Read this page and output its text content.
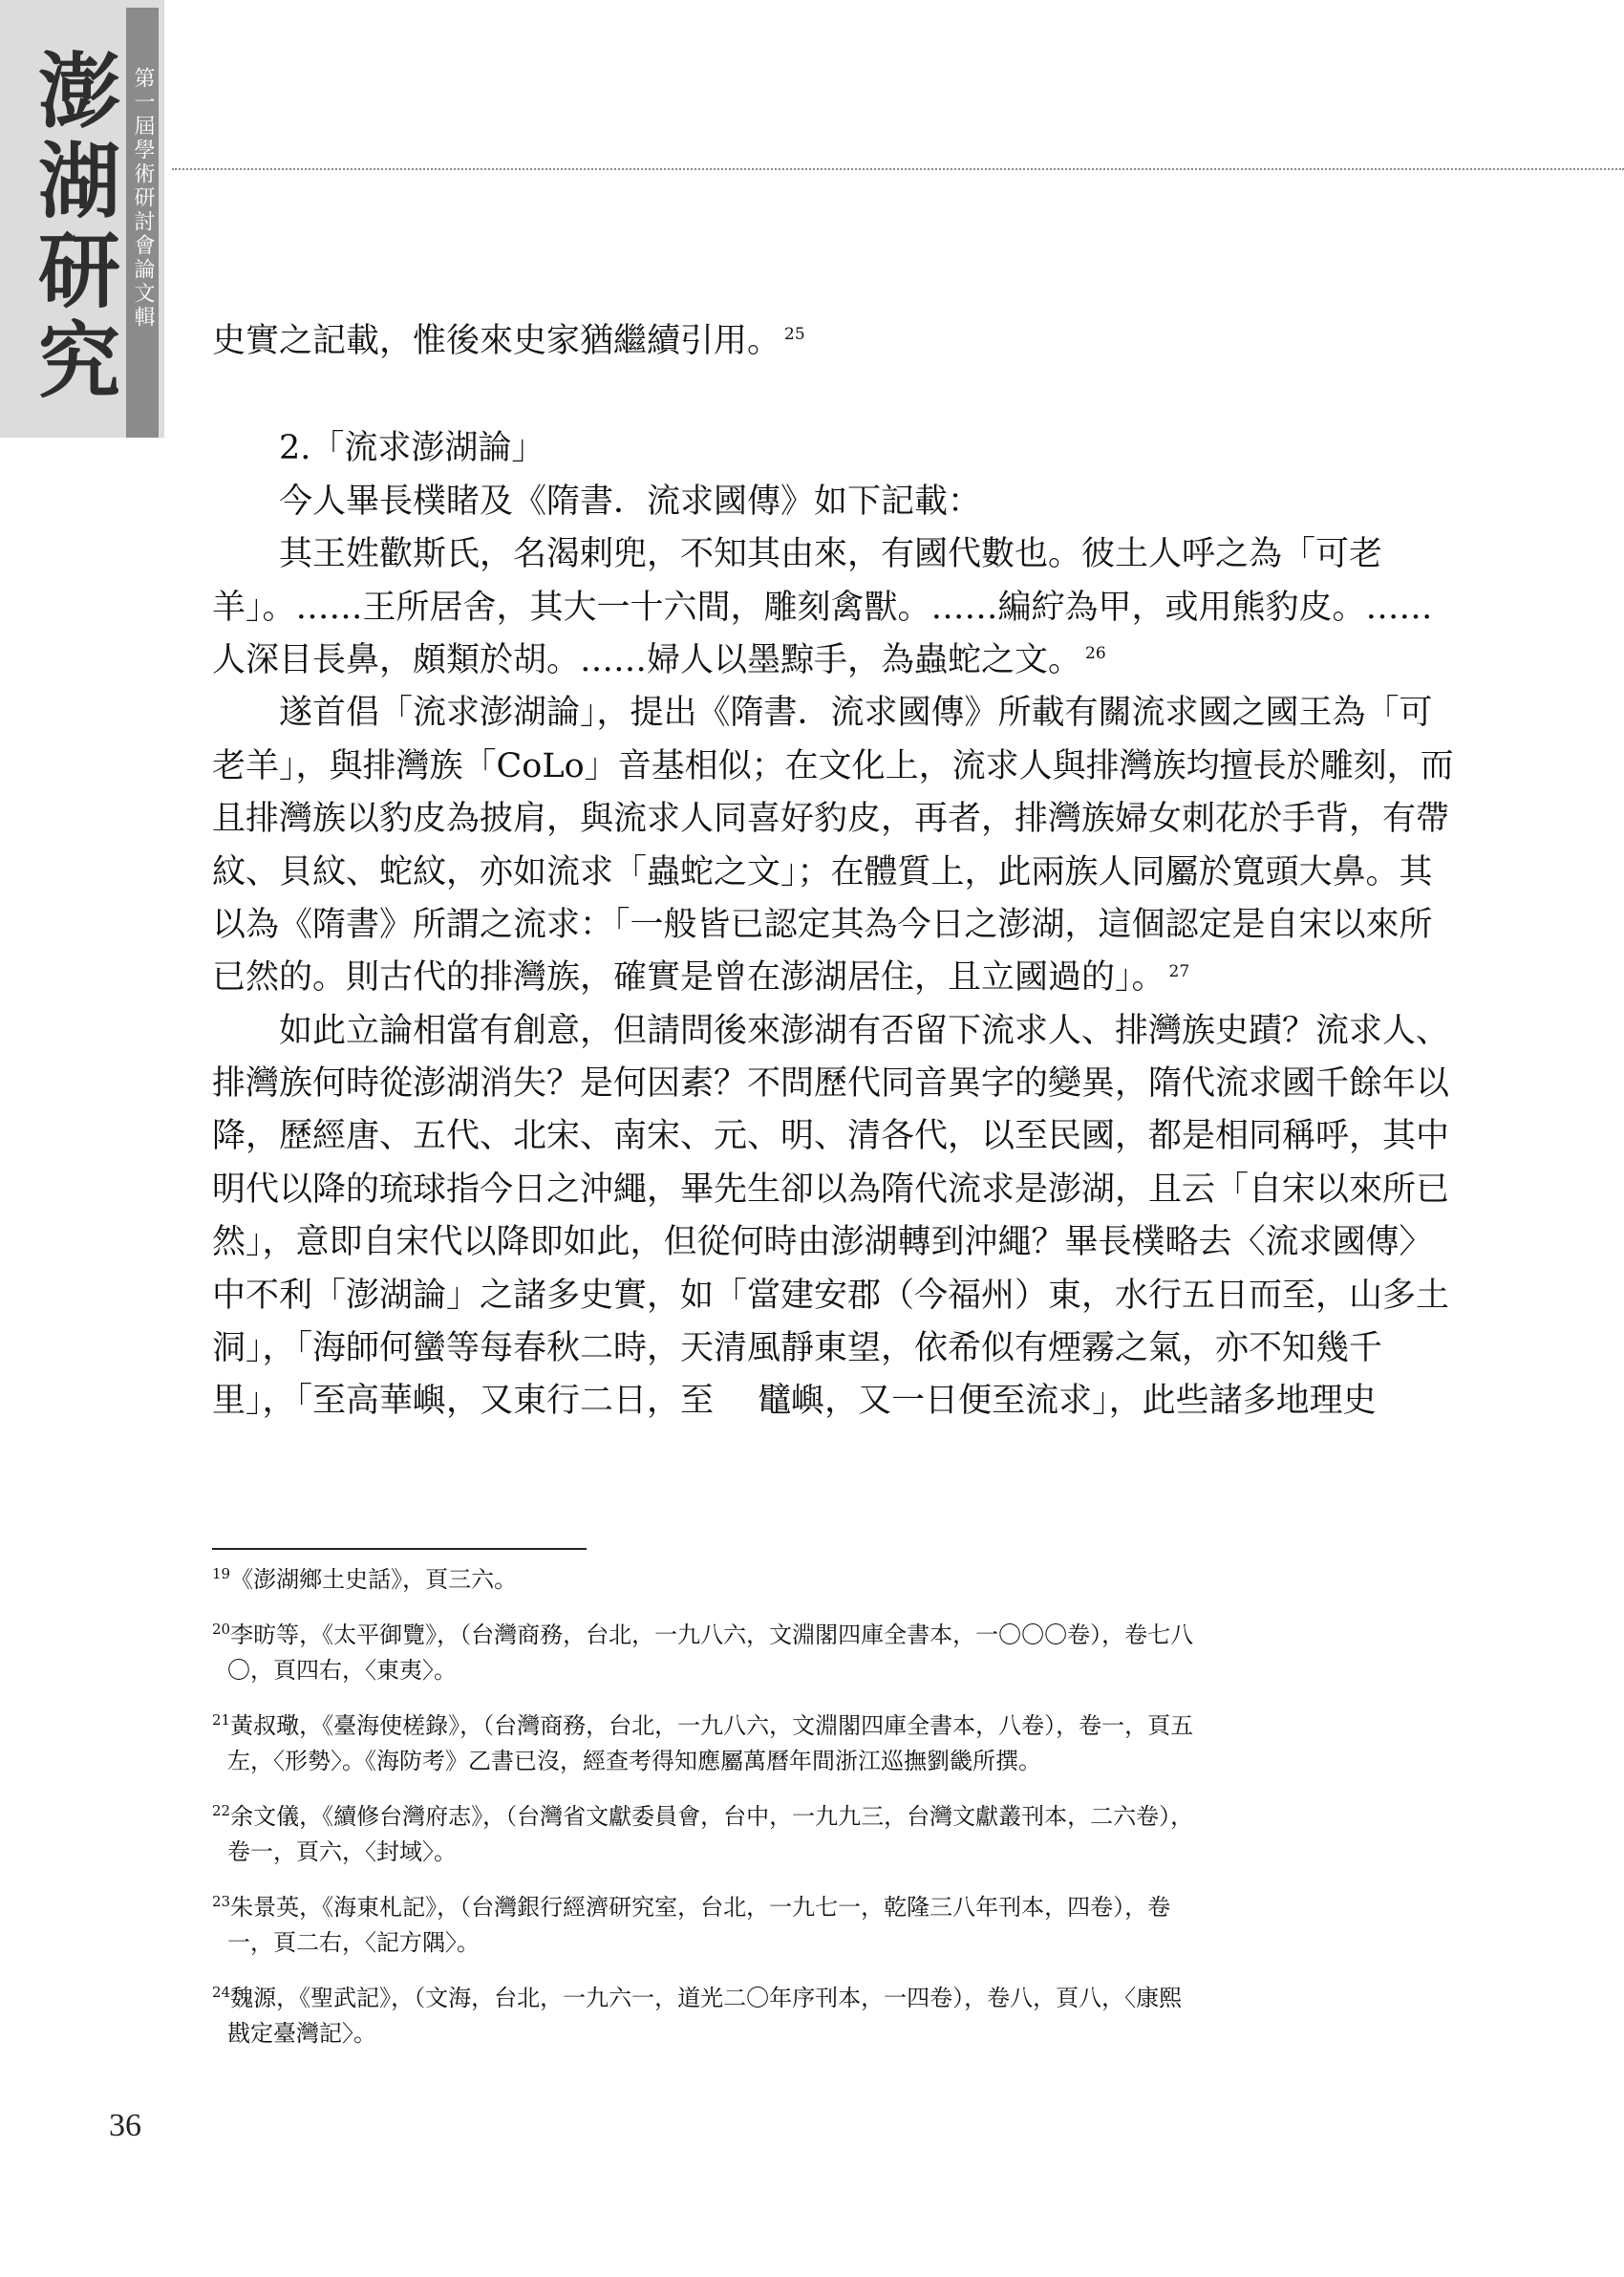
澎湖研究 第一屆學術研討會論文輯
史實之記載，惟後來史家猶繼續引用。 $^{25}$
2.「流求澎湖論」
今人畢長樸睹及《隋書．流求國傳》如下記載：
其王姓歡斯氏，名渴剌兜，不知其由來，有國代數也。彼土人呼之為「可老
羊」。……王所居舍，其大一十六間，雕刻禽獸。……編紵為甲，或用熊豹皮。……
人深目長鼻，頗類於胡。……婦人以墨黥手，為蟲蛇之文。 $^{26}$
遂首倡「流求澎湖論」，提出《隋書．流求國傳》所載有關流求國之國王為「可
老羊」，與排灣族「CoLo」音基相似；在文化上，流求人與排灣族均擅長於雕刻，而
且排灣族以豹皮為披肩，與流求人同喜好豹皮，再者，排灣族婦女刺花於手背，有帶
紋、貝紋、蛇紋，亦如流求「蟲蛇之文」；在體質上，此兩族人同屬於寬頭大鼻。其
以為《隋書》所謂之流求：「一般皆已認定其為今日之澎湖，這個認定是自宋以來所
已然的。則古代的排灣族，確實是曾在澎湖居住，且立國過的」。 $^{27}$
如此立論相當有創意，但請問後來澎湖有否留下流求人、排灣族史蹟？流求人、
排灣族何時從澎湖消失？是何因素？不問歷代同音異字的變異，隋代流求國千餘年以
降，歷經唐、五代、北宋、南宋、元、明、清各代，以至民國，都是相同稱呼，其中
明代以降的琉球指今日之沖繩，畢先生卻以為隋代流求是澎湖，且云「自宋以來所已
然」，意即自宋代以降即如此，但從何時由澎湖轉到沖繩？畢長樸略去〈流求國傳〉
中不利「澎湖論」之諸多史實，如「當建安郡（今福州）東，水行五日而至，山多土
洞」，「海師何蠻等每春秋二時，天清風靜東望，依希似有煙霧之氣，亦不知幾千
里」，「至高華嶼，又東行二日，至 　鼊嶼，又一日便至流求」，此些諸多地理史
$^{19}$《澎湖鄉土史話》，頁三六。
$^{20}$李昉等，《太平御覽》，（台灣商務，台北，一九八六，文淵閣四庫全書本，一〇〇〇卷），卷七八
〇，頁四右，〈東夷〉。
$^{21}$黃叔璥，《臺海使槎錄》，（台灣商務，台北，一九八六，文淵閣四庫全書本，八卷），卷一，頁五
左，〈形勢〉。《海防考》乙書已沒，經查考得知應屬萬曆年間浙江巡撫劉畿所撰。
$^{22}$余文儀，《續修台灣府志》，（台灣省文獻委員會，台中，一九九三，台灣文獻叢刊本，二六卷），
卷一，頁六，〈封域〉。
$^{23}$朱景英，《海東札記》，（台灣銀行經濟研究室，台北，一九七一，乾隆三八年刊本，四卷），卷
一，頁二右，〈記方隅〉。
$^{24}$魏源，《聖武記》，（文海，台北，一九六一，道光二〇年序刊本，一四卷），卷八，頁八，〈康熙
戡定臺灣記〉。
36
